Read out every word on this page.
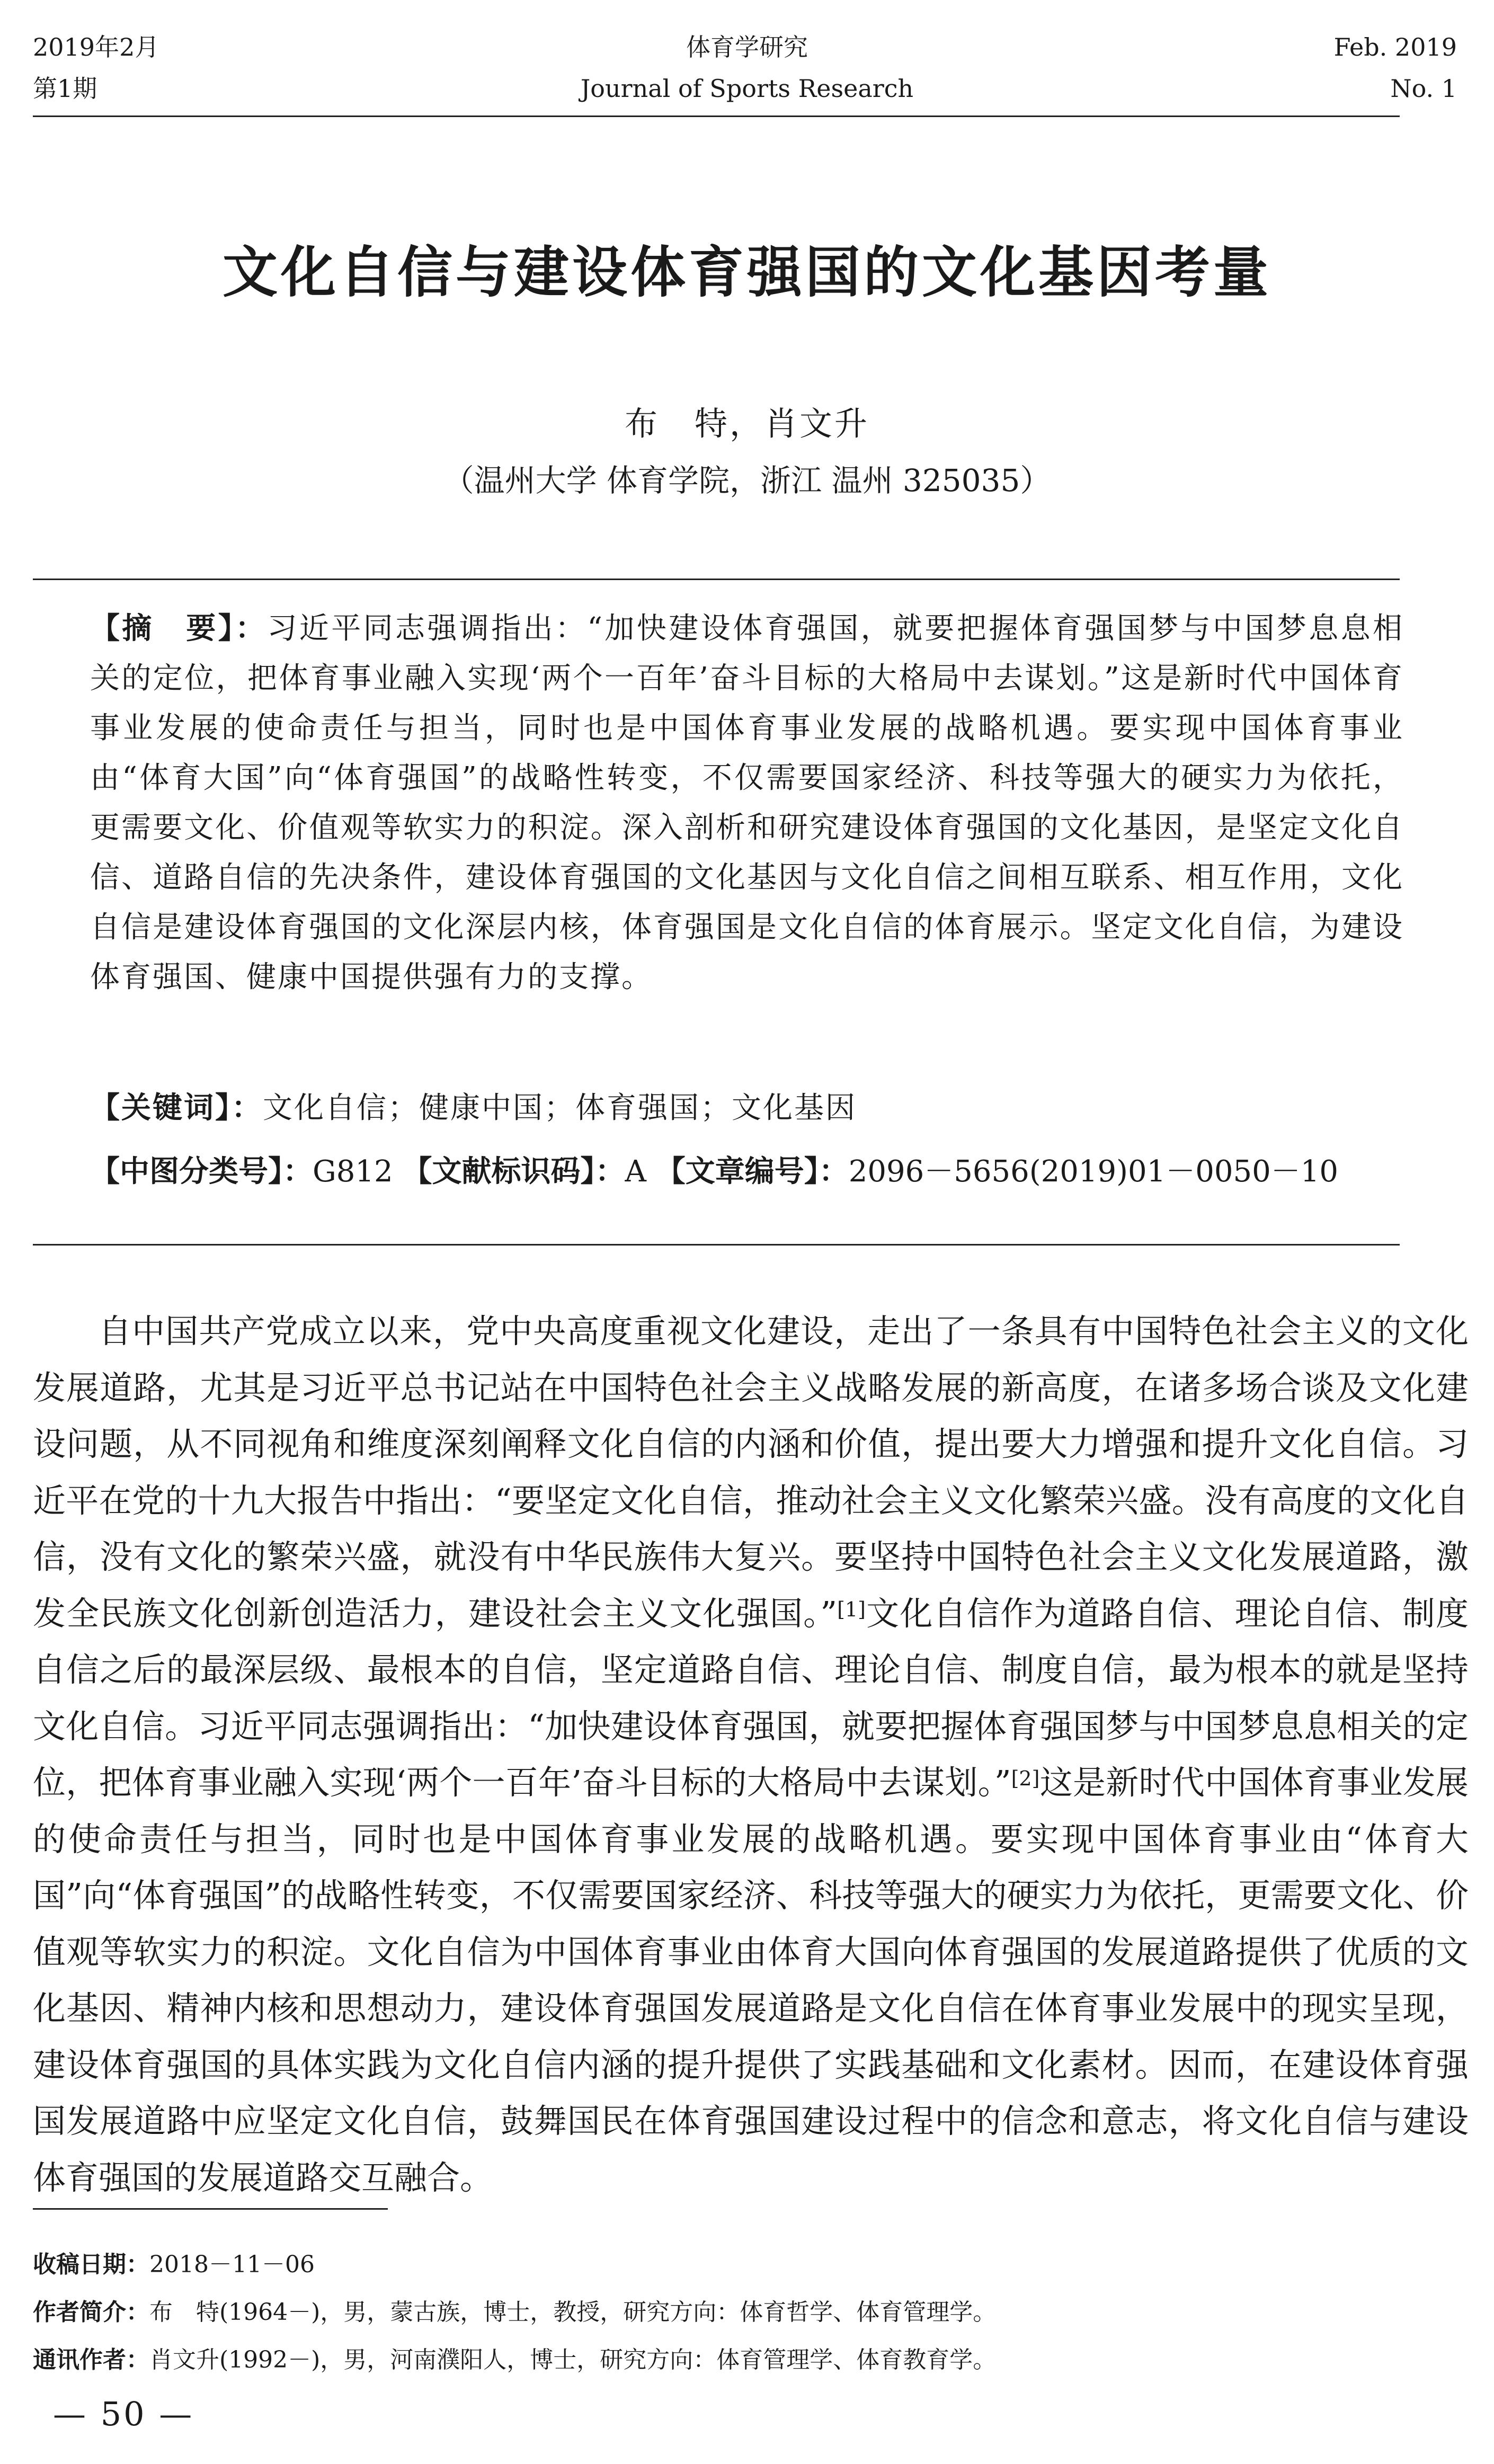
2019年2月
第1期
体育学研究
Journal of Sports Research
Feb. 2019
No. 1
文化自信与建设体育强国的文化基因考量
布　特，肖文升
（温州大学 体育学院，浙江 温州 325035）
【摘　要】：习近平同志强调指出：“加快建设体育强国，就要把握体育强国梦与中国梦息息相关的定位，把体育事业融入实现‘两个一百年’奋斗目标的大格局中去谋划。”这是新时代中国体育事业发展的使命责任与担当，同时也是中国体育事业发展的战略机遇。要实现中国体育事业由“体育大国”向“体育强国”的战略性转变，不仅需要国家经济、科技等强大的硬实力为依托，更需要文化、价值观等软实力的积淀。深入剖析和研究建设体育强国的文化基因，是坚定文化自信、道路自信的先决条件，建设体育强国的文化基因与文化自信之间相互联系、相互作用，文化自信是建设体育强国的文化深层内核，体育强国是文化自信的体育展示。坚定文化自信，为建设体育强国、健康中国提供强有力的支撑。
【关键词】：文化自信；健康中国；体育强国；文化基因
【中图分类号】：G812 【文献标识码】：A 【文章编号】：2096－5656(2019)01－0050－10

自中国共产党成立以来，党中央高度重视文化建设，走出了一条具有中国特色社会主义的文化发展道路，尤其是习近平总书记站在中国特色社会主义战略发展的新高度，在诸多场合谈及文化建设问题，从不同视角和维度深刻阐释文化自信的内涵和价值，提出要大力增强和提升文化自信。习近平在党的十九大报告中指出：“要坚定文化自信，推动社会主义文化繁荣兴盛。没有高度的文化自信，没有文化的繁荣兴盛，就没有中华民族伟大复兴。要坚持中国特色社会主义文化发展道路，激发全民族文化创新创造活力，建设社会主义文化强国。”[1]文化自信作为道路自信、理论自信、制度自信之后的最深层级、最根本的自信，坚定道路自信、理论自信、制度自信，最为根本的就是坚持文化自信。习近平同志强调指出：“加快建设体育强国，就要把握体育强国梦与中国梦息息相关的定位，把体育事业融入实现‘两个一百年’奋斗目标的大格局中去谋划。”[2]这是新时代中国体育事业发展的使命责任与担当，同时也是中国体育事业发展的战略机遇。要实现中国体育事业由“体育大国”向“体育强国”的战略性转变，不仅需要国家经济、科技等强大的硬实力为依托，更需要文化、价值观等软实力的积淀。文化自信为中国体育事业由体育大国向体育强国的发展道路提供了优质的文化基因、精神内核和思想动力，建设体育强国发展道路是文化自信在体育事业发展中的现实呈现，建设体育强国的具体实践为文化自信内涵的提升提供了实践基础和文化素材。因而，在建设体育强国发展道路中应坚定文化自信，鼓舞国民在体育强国建设过程中的信念和意志，将文化自信与建设体育强国的发展道路交互融合。

收稿日期：2018－11－06
作者简介：布　特(1964－)，男，蒙古族，博士，教授，研究方向：体育哲学、体育管理学。
通讯作者：肖文升(1992－)，男，河南濮阳人，博士，研究方向：体育管理学、体育教育学。
— 50 —
